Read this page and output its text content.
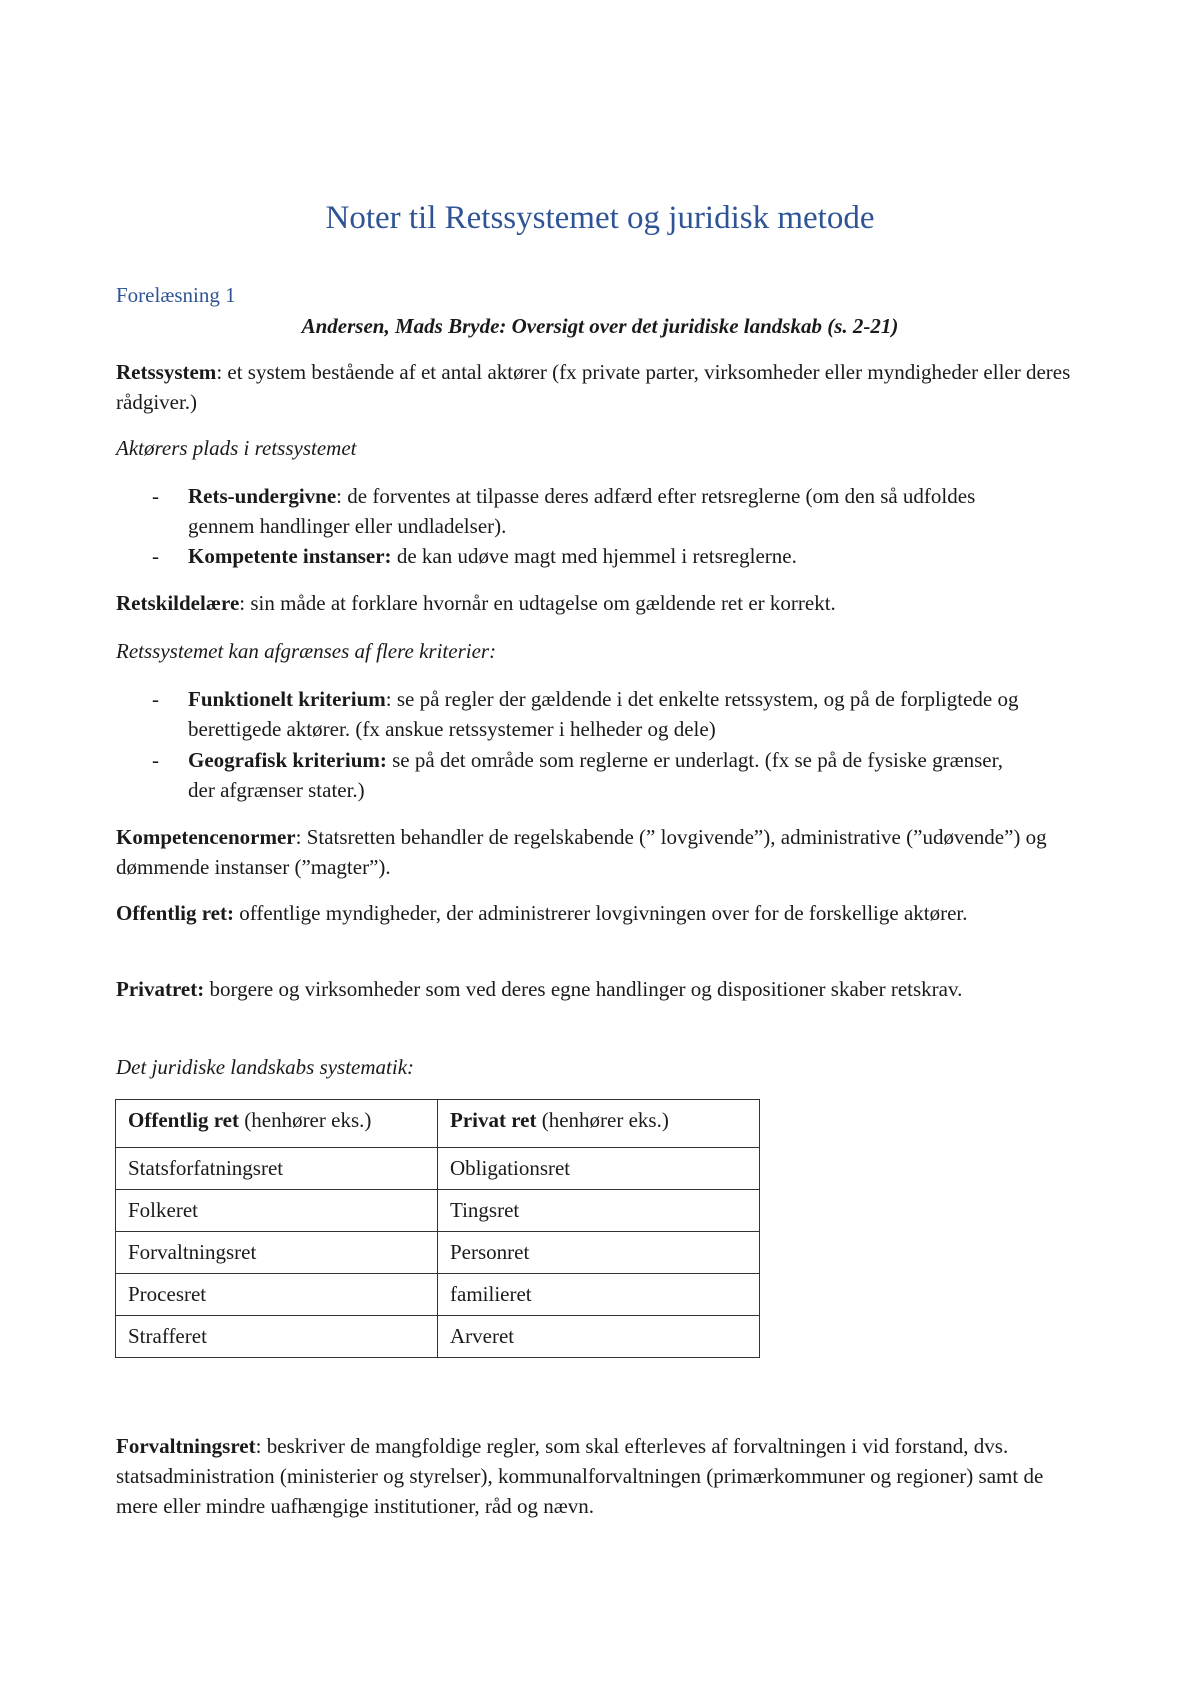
Noter til Retssystemet og juridisk metode
Forelæsning 1
Andersen, Mads Bryde: Oversigt over det juridiske landskab (s. 2-21)
Retssystem: et system bestående af et antal aktører (fx private parter, virksomheder eller myndigheder eller deres rådgiver.)
Aktørers plads i retssystemet
- Rets-undergivne: de forventes at tilpasse deres adfærd efter retsreglerne (om den så udfoldes gennem handlinger eller undladelser).
- Kompetente instanser: de kan udøve magt med hjemmel i retsreglerne.
Retskildelære: sin måde at forklare hvornår en udtagelse om gældende ret er korrekt.
Retssystemet kan afgrænses af flere kriterier:
- Funktionelt kriterium: se på regler der gældende i det enkelte retssystem, og på de forpligtede og berettigede aktører. (fx anskue retssystemer i helheder og dele)
- Geografisk kriterium: se på det område som reglerne er underlagt. (fx se på de fysiske grænser, der afgrænser stater.)
Kompetencenormer: Statsretten behandler de regelskabende (” lovgivende”), administrative (”udøvende”) og dømmende instanser (”magter”).
Offentlig ret: offentlige myndigheder, der administrerer lovgivningen over for de forskellige aktører.
Privatret: borgere og virksomheder som ved deres egne handlinger og dispositioner skaber retskrav.
Det juridiske landskabs systematik:
Offentlig ret (henhører eks.)	Privat ret (henhører eks.)
Statsforfatningsret	Obligationsret
Folkeret	Tingsret
Forvaltningsret	Personret
Procesret	familieret
Strafferet	Arveret
Forvaltningsret: beskriver de mangfoldige regler, som skal efterleves af forvaltningen i vid forstand, dvs. statsadministration (ministerier og styrelser), kommunalforvaltningen (primærkommuner og regioner) samt de mere eller mindre uafhængige institutioner, råd og nævn.
